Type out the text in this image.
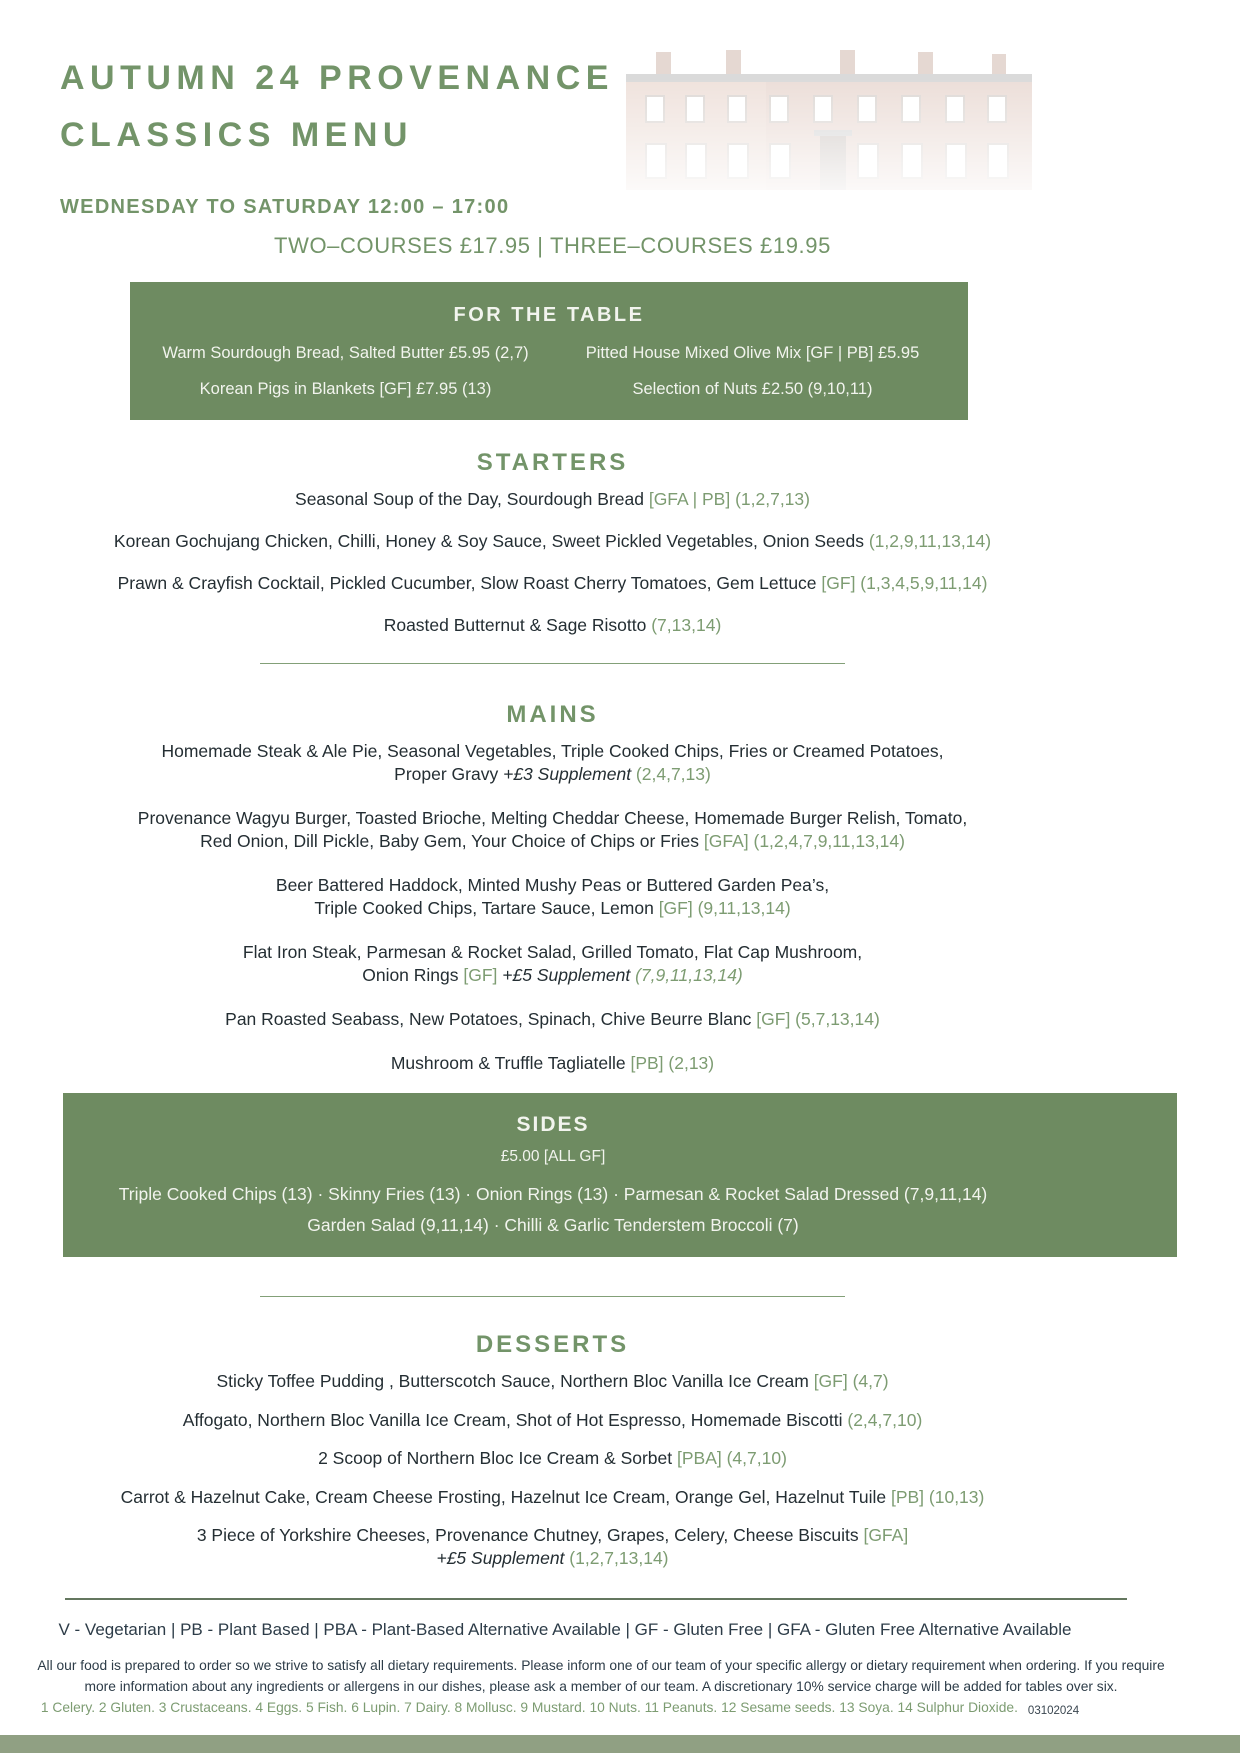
AUTUMN 24 PROVENANCE
CLASSICS MENU
WEDNESDAY TO SATURDAY 12:00 – 17:00
TWO–COURSES £17.95 | THREE–COURSES £19.95
FOR THE TABLE
Warm Sourdough Bread, Salted Butter £5.95 (2,7)	Pitted House Mixed Olive Mix [GF | PB] £5.95
Korean Pigs in Blankets [GF] £7.95 (13)	Selection of Nuts £2.50 (9,10,11)
STARTERS
Seasonal Soup of the Day, Sourdough Bread [GFA | PB] (1,2,7,13)
Korean Gochujang Chicken, Chilli, Honey & Soy Sauce, Sweet Pickled Vegetables, Onion Seeds (1,2,9,11,13,14)
Prawn & Crayfish Cocktail, Pickled Cucumber, Slow Roast Cherry Tomatoes, Gem Lettuce [GF] (1,3,4,5,9,11,14)
Roasted Butternut & Sage Risotto (7,13,14)
MAINS
Homemade Steak & Ale Pie, Seasonal Vegetables, Triple Cooked Chips, Fries or Creamed Potatoes,
Proper Gravy +£3 Supplement (2,4,7,13)
Provenance Wagyu Burger, Toasted Brioche, Melting Cheddar Cheese, Homemade Burger Relish, Tomato,
Red Onion, Dill Pickle, Baby Gem, Your Choice of Chips or Fries [GFA] (1,2,4,7,9,11,13,14)
Beer Battered Haddock, Minted Mushy Peas or Buttered Garden Pea’s,
Triple Cooked Chips, Tartare Sauce, Lemon [GF] (9,11,13,14)
Flat Iron Steak, Parmesan & Rocket Salad, Grilled Tomato, Flat Cap Mushroom,
Onion Rings [GF] +£5 Supplement (7,9,11,13,14)
Pan Roasted Seabass, New Potatoes, Spinach, Chive Beurre Blanc [GF] (5,7,13,14)
Mushroom & Truffle Tagliatelle [PB] (2,13)
SIDES
£5.00 [ALL GF]
Triple Cooked Chips (13) · Skinny Fries (13) · Onion Rings (13) · Parmesan & Rocket Salad Dressed (7,9,11,14)
Garden Salad (9,11,14) · Chilli & Garlic Tenderstem Broccoli (7)
DESSERTS
Sticky Toffee Pudding , Butterscotch Sauce, Northern Bloc Vanilla Ice Cream [GF] (4,7)
Affogato, Northern Bloc Vanilla Ice Cream, Shot of Hot Espresso, Homemade Biscotti (2,4,7,10)
2 Scoop of Northern Bloc Ice Cream & Sorbet [PBA] (4,7,10)
Carrot & Hazelnut Cake, Cream Cheese Frosting, Hazelnut Ice Cream, Orange Gel, Hazelnut Tuile [PB] (10,13)
3 Piece of Yorkshire Cheeses, Provenance Chutney, Grapes, Celery, Cheese Biscuits [GFA]
+£5 Supplement (1,2,7,13,14)
V - Vegetarian | PB - Plant Based | PBA - Plant-Based Alternative Available | GF - Gluten Free | GFA - Gluten Free Alternative Available
All our food is prepared to order so we strive to satisfy all dietary requirements. Please inform one of our team of your specific allergy or dietary requirement when ordering. If you require more information about any ingredients or allergens in our dishes, please ask a member of our team. A discretionary 10% service charge will be added for tables over six.
1 Celery. 2 Gluten. 3 Crustaceans. 4 Eggs. 5 Fish. 6 Lupin. 7 Dairy. 8 Mollusc. 9 Mustard. 10 Nuts. 11 Peanuts. 12 Sesame seeds. 13 Soya. 14 Sulphur Dioxide. 03102024
